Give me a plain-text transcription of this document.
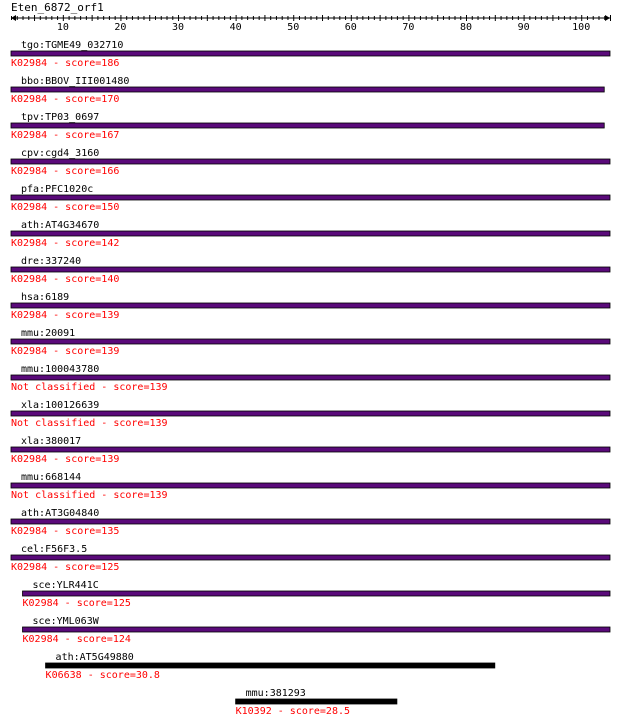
Eten_6872_orf1
10	20	30	40	50	60	70	80	90	100
tgo:TGME49_032710
K02984 - score=186
bbo:BBOV_III001480
K02984 - score=170
tpv:TP03_0697
K02984 - score=167
cpv:cgd4_3160
K02984 - score=166
pfa:PFC1020c
K02984 - score=150
ath:AT4G34670
K02984 - score=142
dre:337240
K02984 - score=140
hsa:6189
K02984 - score=139
mmu:20091
K02984 - score=139
mmu:100043780
Not classified - score=139
xla:100126639
Not classified - score=139
xla:380017
K02984 - score=139
mmu:668144
Not classified - score=139
ath:AT3G04840
K02984 - score=135
cel:F56F3.5
K02984 - score=125
sce:YLR441C
K02984 - score=125
sce:YML063W
K02984 - score=124
ath:AT5G49880
K06638 - score=30.8
mmu:381293
K10392 - score=28.5
